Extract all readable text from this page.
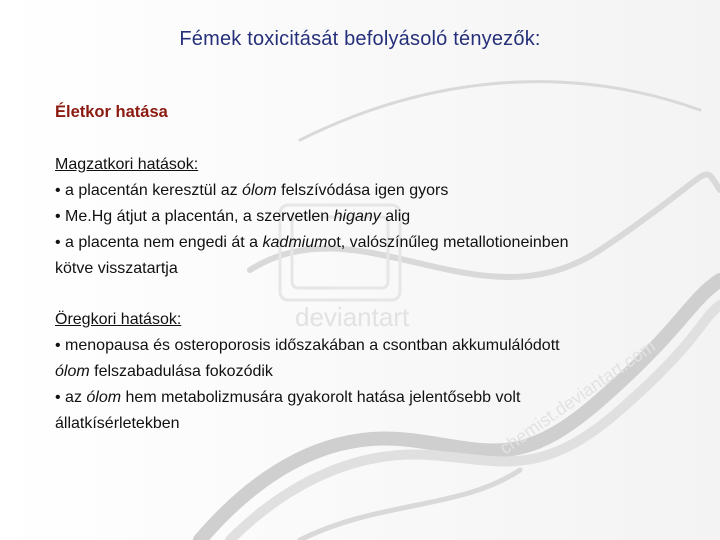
deviantart
chemist.deviantart.com
Fémek toxicitását befolyásoló tényezők:
Életkor hatása

Magzatkori hatások:

• a placentán keresztül az ólom felszívódása igen gyors

• Me.Hg átjut a placentán, a szervetlen higany alig

• a placenta nem engedi át a kadmiumot, valószínűleg metallotioneinben

kötve visszatartja

Öregkori hatások:

• menopausa és osteroporosis időszakában a csontban akkumulálódott

ólom felszabadulása fokozódik

• az ólom hem metabolizmusára gyakorolt hatása jelentősebb volt

állatkísérletekben
